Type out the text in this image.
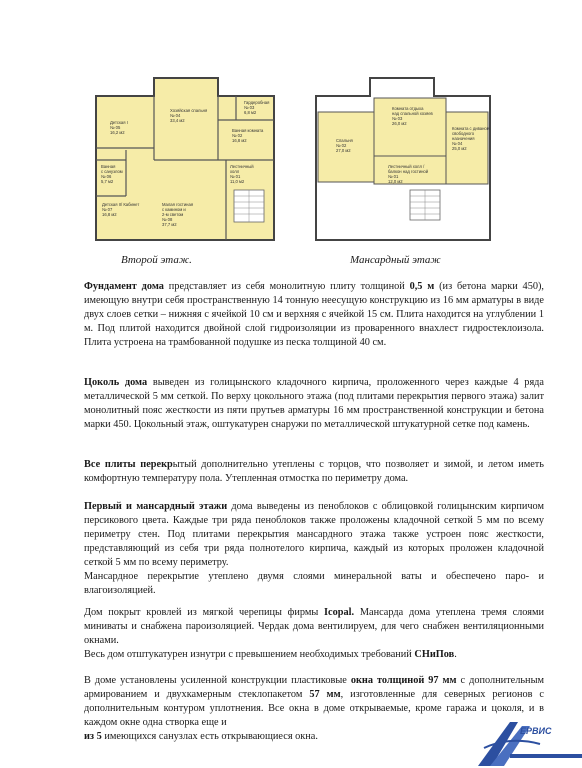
Детская I № 05 16,2 м2
Хозяйская спальня № 04 33,4 м2
Гардеробная № 03 6,8 м2
Ванная комната № 02 16,8 м2
Ванная с санузлом № 06 5,7 м2
Лестничный холл № 01 11,0 м2
Малая гостиная с камином и 2-м светом № 08 37,7 м2
Детская II/ Кабинет № 07 16,8 м2
Комната отдыха над спальной хозяев № 03 26,0 м2
Комната с диваном свободного назначения № 04 25,0 м2
Спальня № 02 27,0 м2
Лестничный холл / балкон над гостиной № 01 12,0 м2
Второй этаж.	Мансардный этаж

Фундамент дома представляет из себя монолитную плиту толщиной 0,5 м (из бетона марки 450), имеющую внутри себя пространственную 14 тонную неесущую конструкцию из 16 мм арматуры в виде двух слоев сетки – нижняя с ячейкой 10 см и верхняя с ячейкой 15 см. Плита находится на углублении 1 м. Под плитой находится двойной слой гидроизоляции из проваренного внахлест гидростеклоизола. Плита устроена на трамбованной подушке из песка толщиной 40 см.

Цоколь дома выведен из голицынского кладочного кирпича, проложенного через каждые 4 ряда металлической 5 мм сеткой. По верху цокольного этажа (под плитами перекрытия первого этажа) залит монолитный пояс жесткости из пяти прутьев арматуры 16 мм пространственной конструкции и бетона марки 450. Цокольный этаж, оштукатурен снаружи по металлической штукатурной сетке под камень.

Все плиты перекрытый дополнительно утеплены с торцов, что позволяет и зимой, и летом иметь комфортную температуру пола. Утепленная отмостка по периметру дома.

Первый и мансардный этажи дома выведены из пеноблоков с облицовкой голицынским кирпичом персикового цвета. Каждые три ряда пеноблоков также проложены кладочной сеткой 5 мм по всему периметру стен. Под плитами перекрытия мансардного этажа также устроен пояс жесткости, представляющий из себя три ряда полнотелого кирпича, каждый из которых проложен кладочной сеткой 5 мм по всему периметру.

Мансардное перекрытие утеплено двумя слоями минеральной ваты и обеспечено паро- и влагоизоляцией.

Дом покрыт кровлей из мягкой черепицы фирмы Icopal. Мансарда дома утеплена тремя слоями миниваты и снабжена пароизоляцией. Чердак дома вентилируем, для чего снабжен вентиляционными окнами.

Весь дом отштукатурен изнутри с превышением необходимых требований СНиПов.

В доме установлены усиленной конструкции пластиковые окна толщиной 97 мм с дополнительным армированием и двухкамерным стеклопакетом 57 мм, изготовленные для северных регионов с дополнительным контуром уплотнения. Все окна в доме открываемые, кроме гаража и цоколя, и в каждом окне одна створка еще и

из 5 имеющихся санузлах есть открывающиеся окна.	ЕРВИС
